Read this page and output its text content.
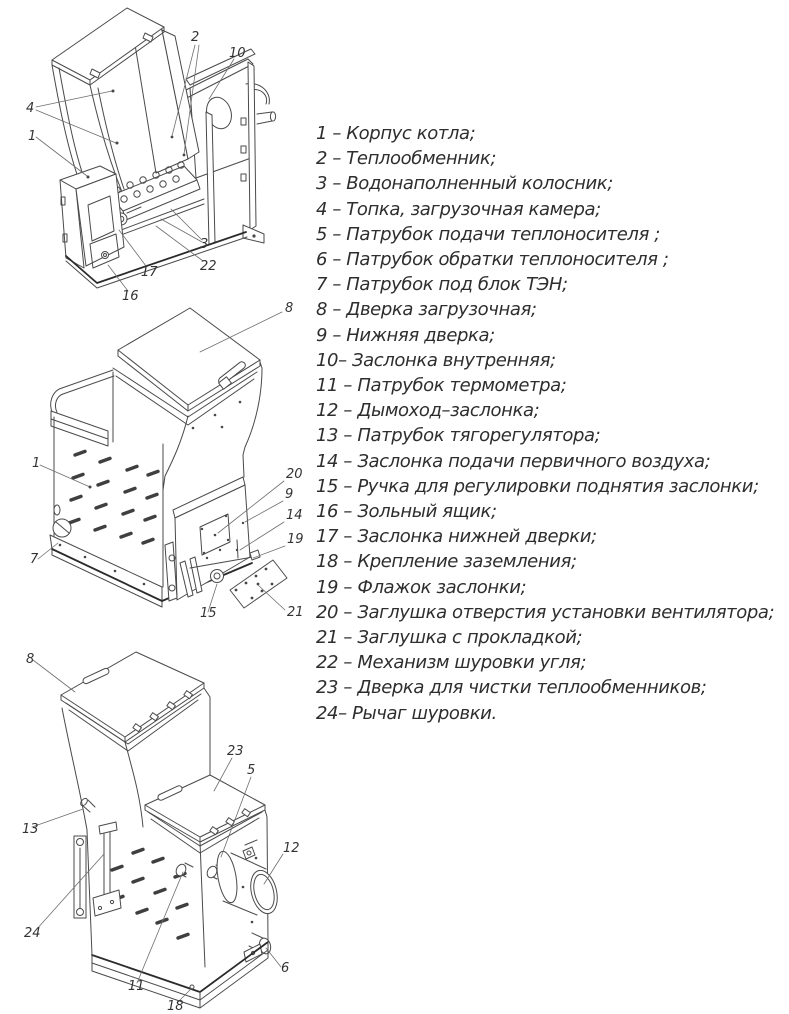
4
1
2
10
3
22
17
16
8
1
7
20
9
14
19
15	21
8
23
5
13
12
24
11
6
18
1 – Корпус котла;
2 – Теплообменник;
3 – Водонаполненный колосник;
4 – Топка, загрузочная камера;
5 – Патрубок подачи теплоносителя ;
6 – Патрубок обратки теплоносителя ;
7 – Патрубок под блок ТЭН;
8 – Дверка загрузочная;
9 – Нижняя дверка;
10– Заслонка внутренняя;
11 – Патрубок термометра;
12 – Дымоход–заслонка;
13 – Патрубок тягорегулятора;
14 – Заслонка подачи первичного воздуха;
15 – Ручка для регулировки поднятия заслонки;
16 – Зольный ящик;
17 – Заслонка нижней дверки;
18 – Крепление заземления;
19 – Флажок заслонки;
20 – Заглушка отверстия установки вентилятора;
21 – Заглушка с прокладкой;
22 – Механизм шуровки угля;
23 – Дверка для чистки теплообменников;
24– Рычаг шуровки.
